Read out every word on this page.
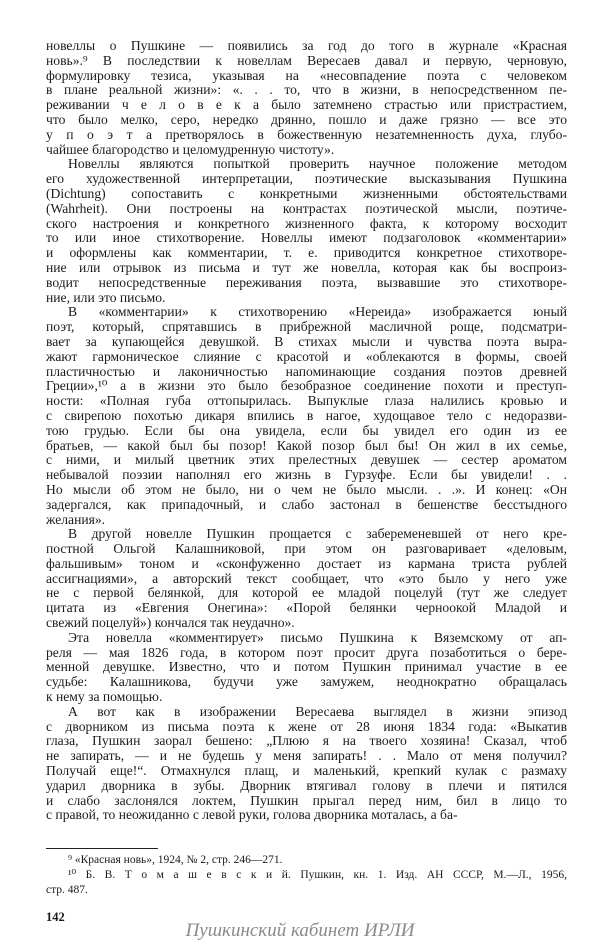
новеллы о Пушкине — появились за год до того в журнале «Красная
новь».⁹ В последствии к новеллам Вересаев давал и первую, черновую,
формулировку тезиса, указывая на «несовпадение поэта с человеком
в плане реальной жизни»: «. . . то, что в жизни, в непосредственном пе-
реживании ч е л о в е к а было затемнено страстью или пристрастием,
что было мелко, серо, нередко дрянно, пошло и даже грязно — все это
у п о э т а претворялось в божественную незатемненность духа, глубо-
чайшее благородство и целомудренную чистоту».
Новеллы являются попыткой проверить научное положение методом
его художественной интерпретации, поэтические высказывания Пушкина
(Dichtung) сопоставить с конкретными жизненными обстоятельствами
(Wahrheit). Они построены на контрастах поэтической мысли, поэтиче-
ского настроения и конкретного жизненного факта, к которому восходит
то или иное стихотворение. Новеллы имеют подзаголовок «комментарии»
и оформлены как комментарии, т. е. приводится конкретное стихотворе-
ние или отрывок из письма и тут же новелла, которая как бы воспроиз-
водит непосредственные переживания поэта, вызвавшие это стихотворе-
ние, или это письмо.
В «комментарии» к стихотворению «Нереида» изображается юный
поэт, который, спрятавшись в прибрежной масличной роще, подсматри-
вает за купающейся девушкой. В стихах мысли и чувства поэта выра-
жают гармоническое слияние с красотой и «облекаются в формы, своей
пластичностью и лаконичностью напоминающие создания поэтов древней
Греции»,¹⁰ а в жизни это было безобразное соединение похоти и преступ-
ности: «Полная губа оттопырилась. Выпуклые глаза налились кровью и
с свирепою похотью дикаря впились в нагое, худощавое тело с недоразви-
тою грудью. Если бы она увидела, если бы увидел его один из ее
братьев, — какой был бы позор! Какой позор был бы! Он жил в их семье,
с ними, и милый цветник этих прелестных девушек — сестер ароматом
небывалой поэзии наполнял его жизнь в Гурзуфе. Если бы увидели! . .
Но мысли об этом не было, ни о чем не было мысли. . .». И конец: «Он
задергался, как припадочный, и слабо застонал в бешенстве бесстыдного
желания».
В другой новелле Пушкин прощается с забеременевшей от него кре-
постной Ольгой Калашниковой, при этом он разговаривает «деловым,
фальшивым» тоном и «сконфуженно достает из кармана триста рублей
ассигнациями», а авторский текст сообщает, что «это было у него уже
не с первой белянкой, для которой ее младой поцелуй (тут же следует
цитата из «Евгения Онегина»: «Порой белянки черноокой Младой и
свежий поцелуй») кончался так неудачно».
Эта новелла «комментирует» письмо Пушкина к Вяземскому от ап-
реля — мая 1826 года, в котором поэт просит друга позаботиться о бере-
менной девушке. Известно, что и потом Пушкин принимал участие в ее
судьбе: Калашникова, будучи уже замужем, неоднократно обращалась
к нему за помощью.
А вот как в изображении Вересаева выглядел в жизни эпизод
с дворником из письма поэта к жене от 28 июня 1834 года: «Выкатив
глаза, Пушкин заорал бешено: „Плюю я на твоего хозяина! Сказал, чтоб
не запирать, — и не будешь у меня запирать! . . Мало от меня получил?
Получай еще!“. Отмахнулся плащ, и маленький, крепкий кулак с размаху
ударил дворника в зубы. Дворник втягивал голову в плечи и пятился
и слабо заслонялся локтем, Пушкин прыгал перед ним, бил в лицо то
с правой, то неожиданно с левой руки, голова дворника моталась, а ба-
⁹ «Красная новь», 1924, № 2, стр. 246—271.
¹⁰ Б. В. Т о м а ш е в с к и й. Пушкин, кн. 1. Изд. АН СССР, М.—Л., 1956,
стр. 487.
142
Пушкинский кабинет ИРЛИ
